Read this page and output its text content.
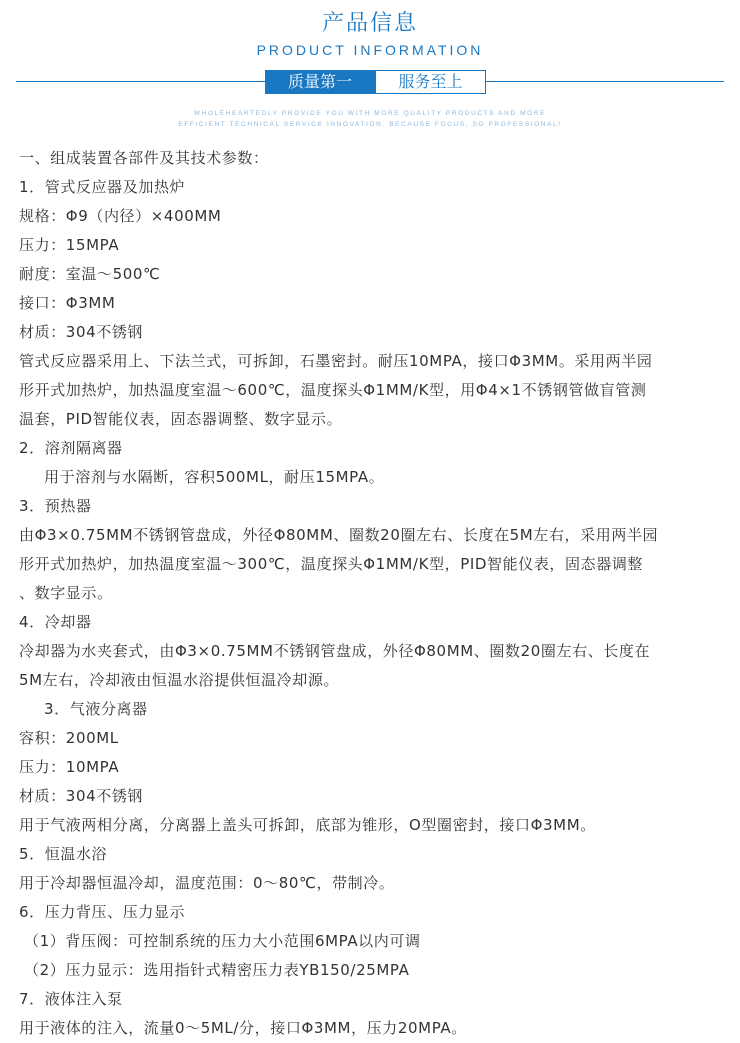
产品信息
PRODUCT INFORMATION
质量第一	服务至上
WHOLEHEARTEDLY PROVIDE YOU WITH MORE QUALITY PRODUCTS AND MORE
EFFICIENT TECHNICAL SERVICE INNOVATION. BECAUSE FOCUS, SO PROFESSIONAL!
一、组成装置各部件及其技术参数：
1．管式反应器及加热炉
规格：Φ9（内径）×400MM
压力：15MPA
耐度：室温～500℃
接口：Φ3MM
材质：304不锈钢
管式反应器采用上、下法兰式，可拆卸，石墨密封。耐压10MPA，接口Φ3MM。采用两半园
形开式加热炉，加热温度室温～600℃，温度探头Φ1MM/K型，用Φ4×1不锈钢管做盲管测
温套，PID智能仪表，固态器调整、数字显示。
2．溶剂隔离器
用于溶剂与水隔断，容积500ML，耐压15MPA。
3．预热器
由Φ3×0.75MM不锈钢管盘成，外径Φ80MM、圈数20圈左右、长度在5M左右，采用两半园
形开式加热炉，加热温度室温～300℃，温度探头Φ1MM/K型，PID智能仪表，固态器调整
、数字显示。
4．冷却器
冷却器为水夹套式，由Φ3×0.75MM不锈钢管盘成，外径Φ80MM、圈数20圈左右、长度在
5M左右，冷却液由恒温水浴提供恒温冷却源。
3．气液分离器
容积：200ML
压力：10MPA
材质：304不锈钢
用于气液两相分离，分离器上盖头可拆卸，底部为锥形，O型圈密封，接口Φ3MM。
5．恒温水浴
用于冷却器恒温冷却，温度范围：0～80℃，带制冷。
6．压力背压、压力显示
（1）背压阀：可控制系统的压力大小范围6MPA以内可调
（2）压力显示：选用指针式精密压力表YB150/25MPA
7．液体注入泵
用于液体的注入，流量0～5ML/分，接口Φ3MM，压力20MPA。
